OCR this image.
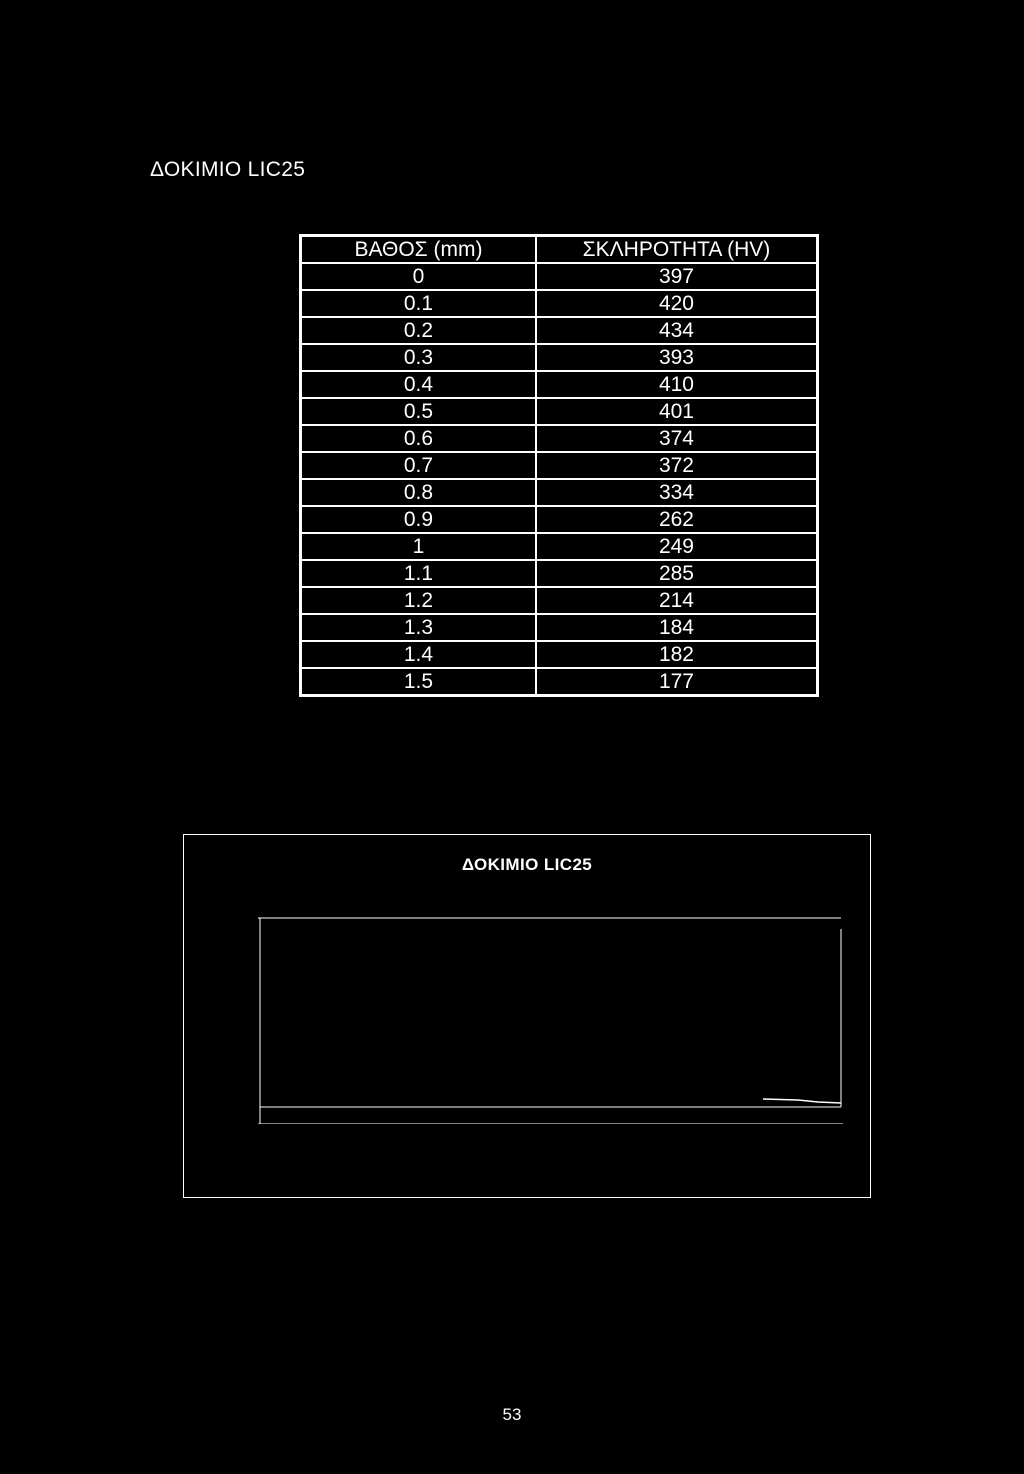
ΔΟΚΙΜΙΟ LIC25
ΒΑΘΟΣ (mm)	ΣΚΛΗΡΟΤΗΤΑ (HV)
0	397
0.1	420
0.2	434
0.3	393
0.4	410
0.5	401
0.6	374
0.7	372
0.8	334
0.9	262
1	249
1.1	285
1.2	214
1.3	184
1.4	182
1.5	177
ΔΟΚΙΜΙΟ LIC25
53
